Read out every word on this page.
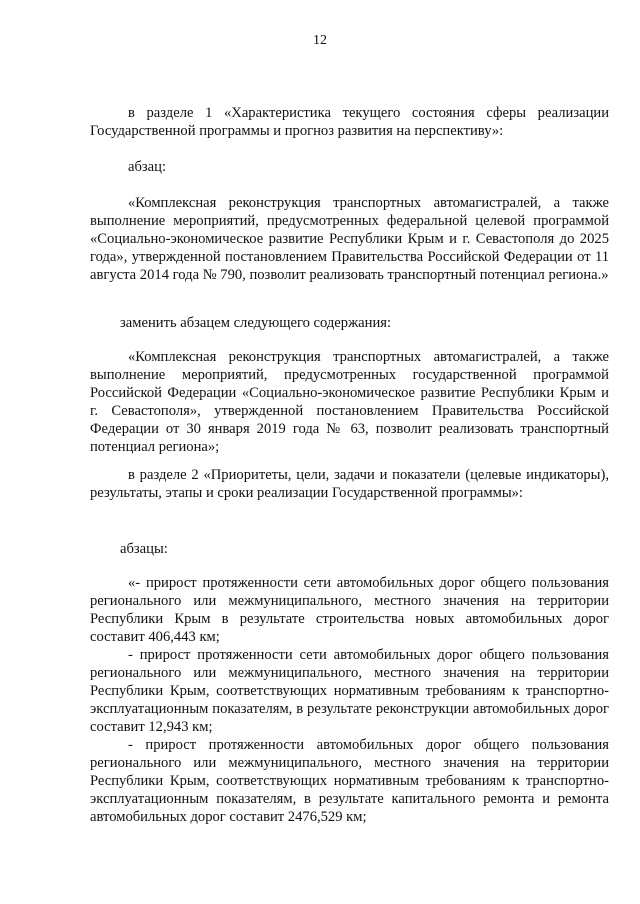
12
в разделе 1 «Характеристика текущего состояния сферы реализации Государственной программы и прогноз развития на перспективу»:
абзац:
«Комплексная реконструкция транспортных автомагистралей, а также выполнение мероприятий, предусмотренных федеральной целевой программой «Социально-экономическое развитие Республики Крым и г. Севастополя до 2025 года», утвержденной постановлением Правительства Российской Федерации от 11 августа 2014 года № 790, позволит реализовать транспортный потенциал региона.»
заменить абзацем следующего содержания:
«Комплексная реконструкция транспортных автомагистралей, а также выполнение мероприятий, предусмотренных государственной программой Российской Федерации «Социально-экономическое развитие Республики Крым и г. Севастополя», утвержденной постановлением Правительства Российской Федерации от 30 января 2019 года № 63, позволит реализовать транспортный потенциал региона»;
в разделе 2 «Приоритеты, цели, задачи и показатели (целевые индикаторы), результаты, этапы и сроки реализации Государственной программы»:
абзацы:
«- прирост протяженности сети автомобильных дорог общего пользования регионального или межмуниципального, местного значения на территории Республики Крым в результате строительства новых автомобильных дорог составит 406,443 км;
- прирост протяженности сети автомобильных дорог общего пользования регионального или межмуниципального, местного значения на территории Республики Крым, соответствующих нормативным требованиям к транспортно-эксплуатационным показателям, в результате реконструкции автомобильных дорог составит 12,943 км;
- прирост протяженности автомобильных дорог общего пользования регионального или межмуниципального, местного значения на территории Республики Крым, соответствующих нормативным требованиям к транспортно-эксплуатационным показателям, в результате капитального ремонта и ремонта автомобильных дорог составит 2476,529 км;
